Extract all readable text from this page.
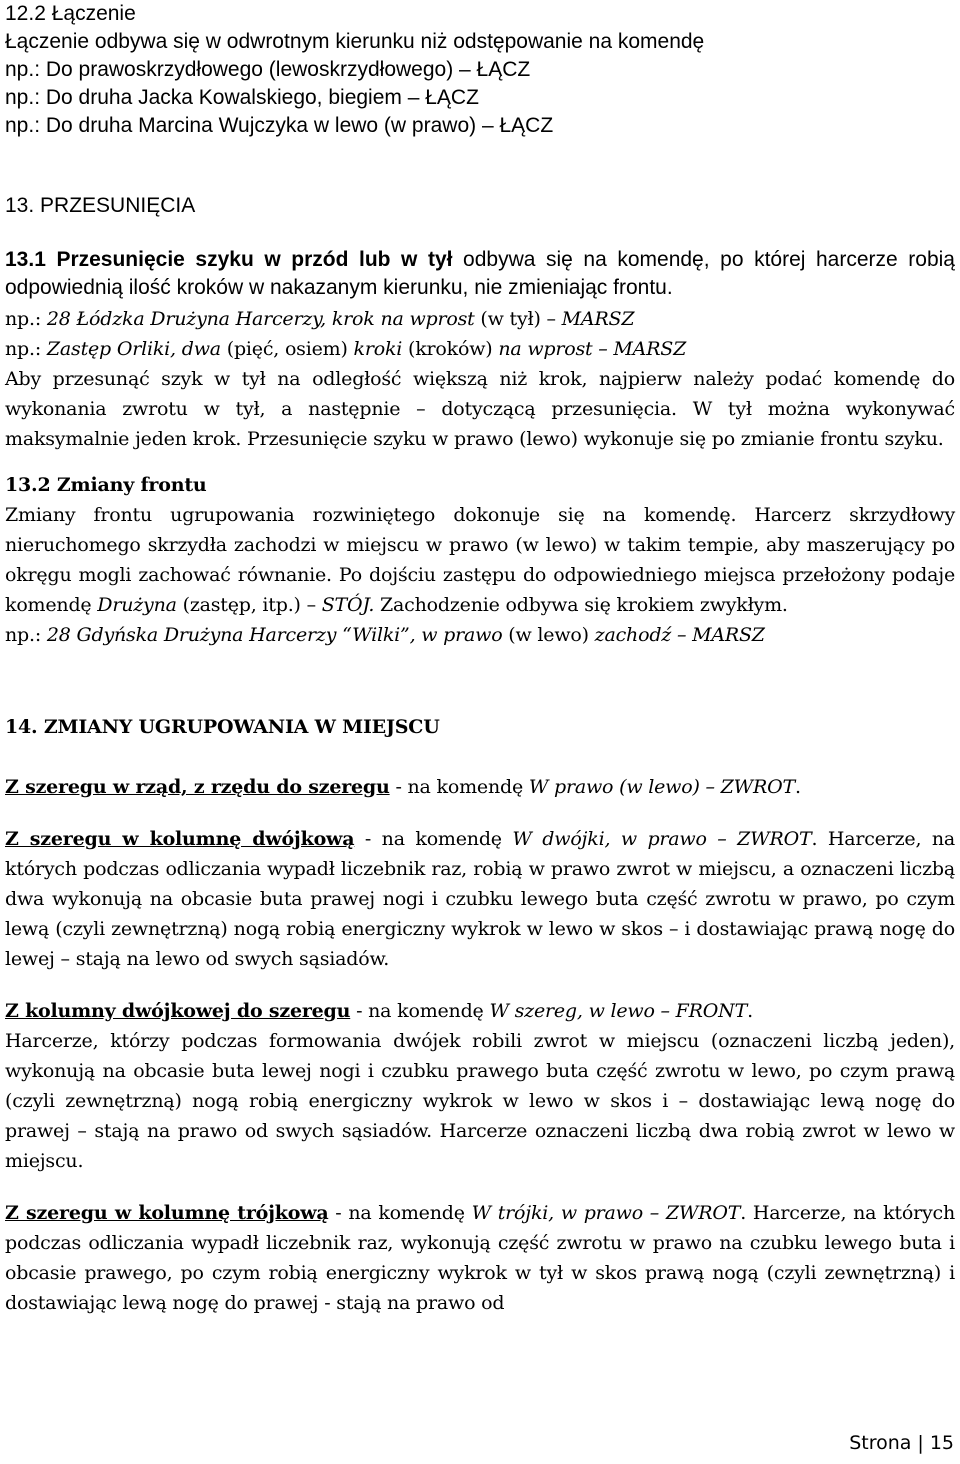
12.2 Łączenie

Łączenie odbywa się w odwrotnym kierunku niż odstępowanie na komendę

np.: Do prawoskrzydłowego (lewoskrzydłowego) – ŁĄCZ

np.: Do druha Jacka Kowalskiego, biegiem – ŁĄCZ

np.: Do druha Marcina Wujczyka w lewo (w prawo) – ŁĄCZ

13. PRZESUNIĘCIA

13.1 Przesunięcie szyku w przód lub w tył odbywa się na komendę, po której harcerze robią odpowiednią ilość kroków w nakazanym kierunku, nie zmieniając frontu.

np.: 28 Łódzka Drużyna Harcerzy, krok na wprost (w tył) – MARSZ

np.: Zastęp Orliki, dwa (pięć, osiem) kroki (kroków) na wprost – MARSZ

Aby przesunąć szyk w tył na odległość większą niż krok, najpierw należy podać komendę do wykonania zwrotu w tył, a następnie – dotyczącą przesunięcia. W tył można wykonywać maksymalnie jeden krok. Przesunięcie szyku w prawo (lewo) wykonuje się po zmianie frontu szyku.

13.2 Zmiany frontu

Zmiany frontu ugrupowania rozwiniętego dokonuje się na komendę. Harcerz skrzydłowy nieruchomego skrzydła zachodzi w miejscu w prawo (w lewo) w takim tempie, aby maszerujący po okręgu mogli zachować równanie. Po dojściu zastępu do odpowiedniego miejsca przełożony podaje komendę Drużyna (zastęp, itp.) – STÓJ. Zachodzenie odbywa się krokiem zwykłym.

np.: 28 Gdyńska Drużyna Harcerzy “Wilki”, w prawo (w lewo) zachodź – MARSZ

14. ZMIANY UGRUPOWANIA W MIEJSCU

Z szeregu w rząd, z rzędu do szeregu - na komendę W prawo (w lewo) – ZWROT.

Z szeregu w kolumnę dwójkową - na komendę W dwójki, w prawo – ZWROT. Harcerze, na których podczas odliczania wypadł liczebnik raz, robią w prawo zwrot w miejscu, a oznaczeni liczbą dwa wykonują na obcasie buta prawej nogi i czubku lewego buta część zwrotu w prawo, po czym lewą (czyli zewnętrzną) nogą robią energiczny wykrok w lewo w skos – i dostawiając prawą nogę do lewej – stają na lewo od swych sąsiadów.

Z kolumny dwójkowej do szeregu - na komendę W szereg, w lewo – FRONT.

Harcerze, którzy podczas formowania dwójek robili zwrot w miejscu (oznaczeni liczbą jeden), wykonują na obcasie buta lewej nogi i czubku prawego buta część zwrotu w lewo, po czym prawą (czyli zewnętrzną) nogą robią energiczny wykrok w lewo w skos i – dostawiając lewą nogę do prawej – stają na prawo od swych sąsiadów. Harcerze oznaczeni liczbą dwa robią zwrot w lewo w miejscu.

Z szeregu w kolumnę trójkową - na komendę W trójki, w prawo – ZWROT. Harcerze, na których podczas odliczania wypadł liczebnik raz, wykonują część zwrotu w prawo na czubku lewego buta i obcasie prawego, po czym robią energiczny wykrok w tył w skos prawą nogą (czyli zewnętrzną) i dostawiając lewą nogę do prawej - stają na prawo od

Strona | 15
